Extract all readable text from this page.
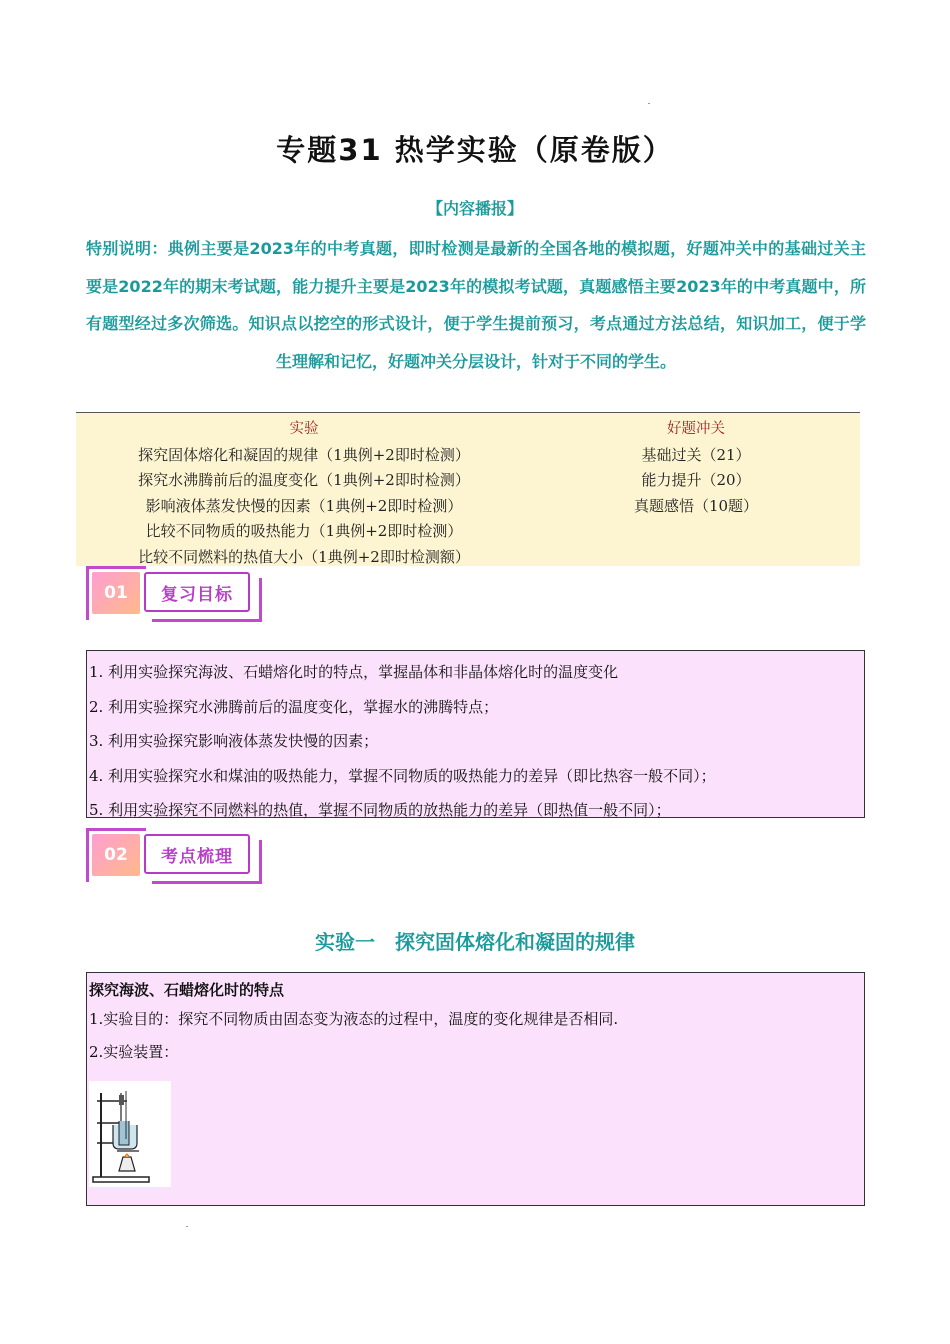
专题31 热学实验（原卷版）
【内容播报】

特别说明：典例主要是2023年的中考真题，即时检测是最新的全国各地的模拟题，好题冲关中的基础过关主要是2022年的期末考试题，能力提升主要是2023年的模拟考试题，真题感悟主要2023年的中考真题中，所有题型经过多次筛选。知识点以挖空的形式设计，便于学生提前预习，考点通过方法总结，知识加工，便于学生理解和记忆，好题冲关分层设计，针对于不同的学生。

实验
探究固体熔化和凝固的规律（1典例+2即时检测）
探究水沸腾前后的温度变化（1典例+2即时检测）
影响液体蒸发快慢的因素（1典例+2即时检测）
比较不同物质的吸热能力（1典例+2即时检测）
比较不同燃料的热值大小（1典例+2即时检测额）
好题冲关
基础过关（21）
能力提升（20）
真题感悟（10题）
01	复习目标

1. 利用实验探究海波、石蜡熔化时的特点，掌握晶体和非晶体熔化时的温度变化

2. 利用实验探究水沸腾前后的温度变化，掌握水的沸腾特点；

3. 利用实验探究影响液体蒸发快慢的因素；

4. 利用实验探究水和煤油的吸热能力，掌握不同物质的吸热能力的差异（即比热容一般不同）；

5. 利用实验探究不同燃料的热值，掌握不同物质的放热能力的差异（即热值一般不同）；

02	考点梳理
实验一　探究固体熔化和凝固的规律
探究海波、石蜡熔化时的特点
1.实验目的：探究不同物质由固态变为液态的过程中，温度的变化规律是否相同.
2.实验装置：
